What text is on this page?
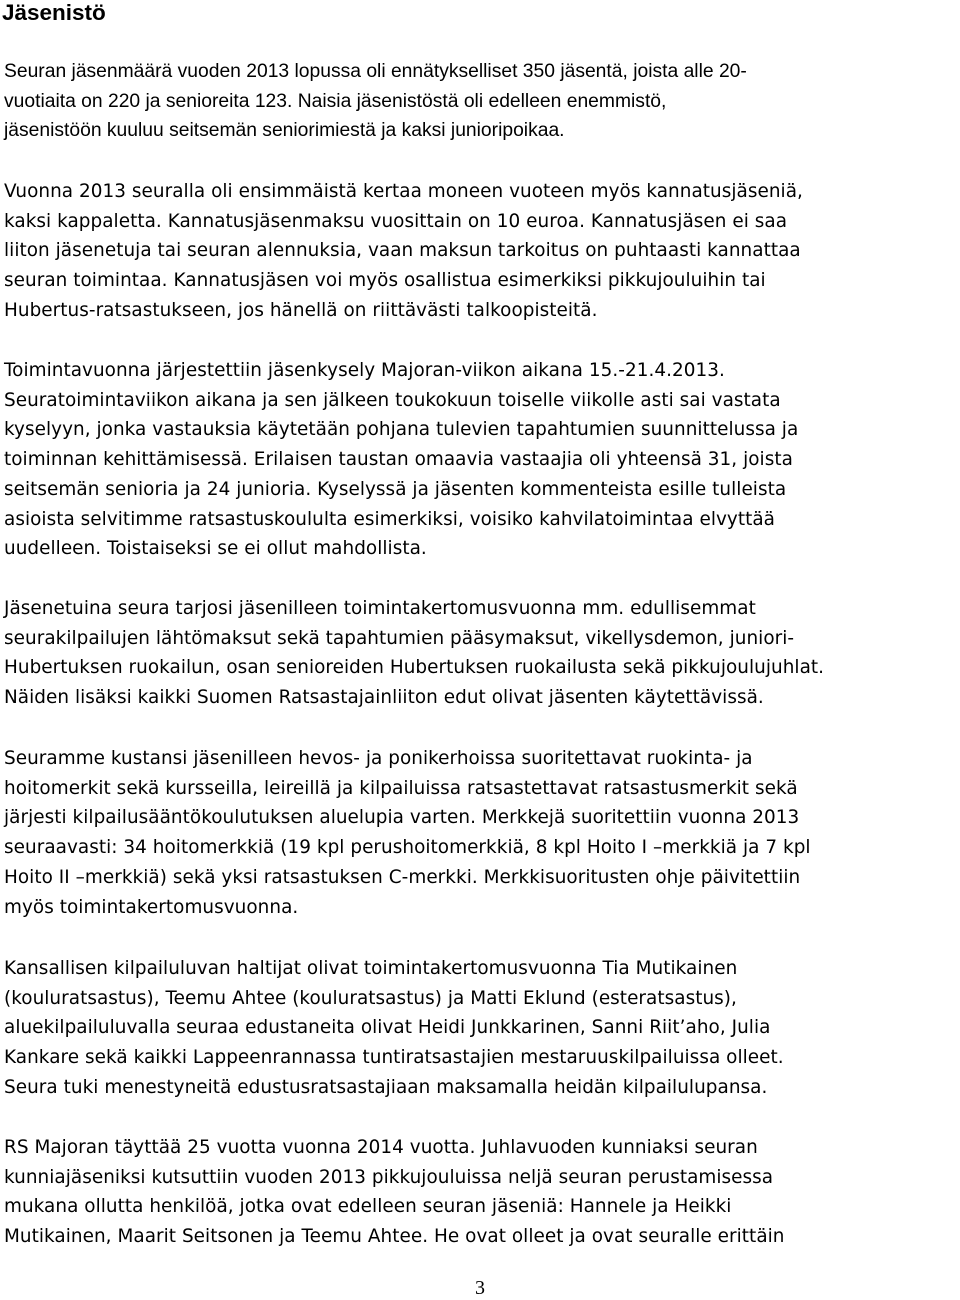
Jäsenistö
Seuran jäsenmäärä vuoden 2013 lopussa oli ennätykselliset 350 jäsentä, joista alle 20-
vuotiaita on 220 ja senioreita 123. Naisia jäsenistöstä oli edelleen enemmistö,
jäsenistöön kuuluu seitsemän seniorimiestä ja kaksi junioripoikaa.
Vuonna 2013 seuralla oli ensimmäistä kertaa moneen vuoteen myös kannatusjäseniä,
kaksi kappaletta. Kannatusjäsenmaksu vuosittain on 10 euroa. Kannatusjäsen ei saa
liiton jäsenetuja tai seuran alennuksia, vaan maksun tarkoitus on puhtaasti kannattaa
seuran toimintaa. Kannatusjäsen voi myös osallistua esimerkiksi pikkujouluihin tai
Hubertus-ratsastukseen, jos hänellä on riittävästi talkoopisteitä.
Toimintavuonna järjestettiin jäsenkysely Majoran-viikon aikana 15.-21.4.2013.
Seuratoimintaviikon aikana ja sen jälkeen toukokuun toiselle viikolle asti sai vastata
kyselyyn, jonka vastauksia käytetään pohjana tulevien tapahtumien suunnittelussa ja
toiminnan kehittämisessä. Erilaisen taustan omaavia vastaajia oli yhteensä 31, joista
seitsemän senioria ja 24 junioria. Kyselyssä ja jäsenten kommenteista esille tulleista
asioista selvitimme ratsastuskoululta esimerkiksi, voisiko kahvilatoimintaa elvyttää
uudelleen. Toistaiseksi se ei ollut mahdollista.
Jäsenetuina seura tarjosi jäsenilleen toimintakertomusvuonna mm. edullisemmat
seurakilpailujen lähtömaksut sekä tapahtumien pääsymaksut, vikellysdemon, juniori-
Hubertuksen ruokailun, osan senioreiden Hubertuksen ruokailusta sekä pikkujoulujuhlat.
Näiden lisäksi kaikki Suomen Ratsastajainliiton edut olivat jäsenten käytettävissä.
Seuramme kustansi jäsenilleen hevos- ja ponikerhoissa suoritettavat ruokinta- ja
hoitomerkit sekä kursseilla, leireillä ja kilpailuissa ratsastettavat ratsastusmerkit sekä
järjesti kilpailusääntökoulutuksen aluelupia varten. Merkkejä suoritettiin vuonna 2013
seuraavasti: 34 hoitomerkkiä (19 kpl perushoitomerkkiä, 8 kpl Hoito I –merkkiä ja 7 kpl
Hoito II –merkkiä) sekä yksi ratsastuksen C-merkki. Merkkisuoritusten ohje päivitettiin
myös toimintakertomusvuonna.
Kansallisen kilpailuluvan haltijat olivat toimintakertomusvuonna Tia Mutikainen
(kouluratsastus), Teemu Ahtee (kouluratsastus) ja Matti Eklund (esteratsastus),
aluekilpailuluvalla seuraa edustaneita olivat Heidi Junkkarinen, Sanni Riit’aho, Julia
Kankare sekä kaikki Lappeenrannassa tuntiratsastajien mestaruuskilpailuissa olleet.
Seura tuki menestyneitä edustusratsastajiaan maksamalla heidän kilpailulupansa.
RS Majoran täyttää 25 vuotta vuonna 2014 vuotta. Juhlavuoden kunniaksi seuran
kunniajäseniksi kutsuttiin vuoden 2013 pikkujouluissa neljä seuran perustamisessa
mukana ollutta henkilöä, jotka ovat edelleen seuran jäseniä: Hannele ja Heikki
Mutikainen, Maarit Seitsonen ja Teemu Ahtee. He ovat olleet ja ovat seuralle erittäin
3
